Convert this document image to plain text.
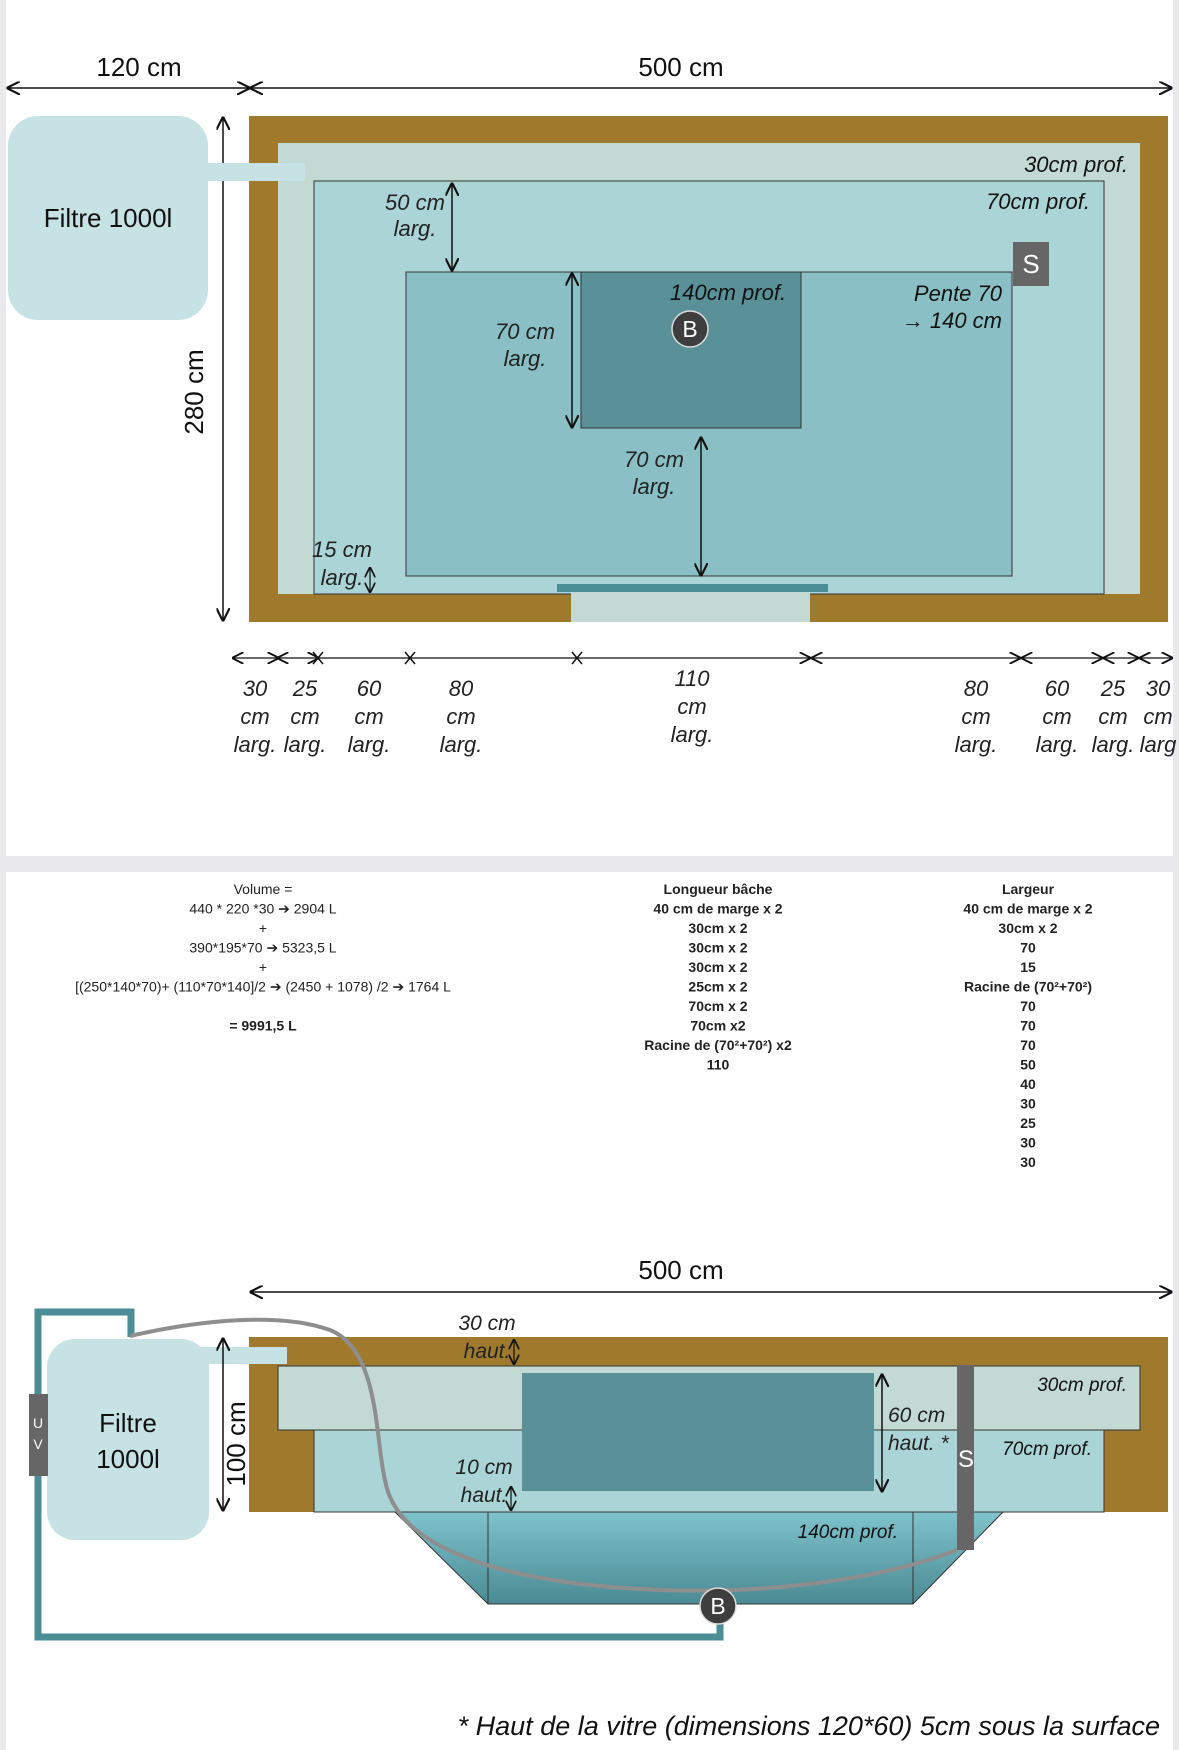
120 cm	500 cm
280 cm
Filtre 1000l
30cm prof.
70cm prof.
140cm prof.	Pente 70
→ 140 cm
S
B
50 cm
larg.
70 cm
larg.
70 cm
larg.
15 cm
larg.
30
cm
larg.
25
cm
larg.
60
cm
larg.
80
cm
larg.
110
cm
larg.
80
cm
larg.
60
cm
larg.
25
cm
larg.
30
cm
larg
Volume =
440 * 220 *30 ➔ 2904 L
+
390*195*70 ➔ 5323,5 L
+
[(250*140*70)+ (110*70*140]/2 ➔ (2450 + 1078) /2 ➔ 1764 L
= 9991,5 L
Longueur bâche
40 cm de marge x 2
30cm x 2
30cm x 2
30cm x 2
25cm x 2
70cm x 2
70cm x2
Racine de (70²+70²) x2
110
Largeur
40 cm de marge x 2
30cm x 2
70
15
Racine de (70²+70²)
70
70
70
50
40
30
25
30
30
500 cm
Filtre
1000l
U
V
S
B
100 cm
30cm prof.
70cm prof.
140cm prof.
30 cm
haut.
10 cm
haut.
60 cm
haut. *
* Haut de la vitre (dimensions 120*60) 5cm sous la surface
